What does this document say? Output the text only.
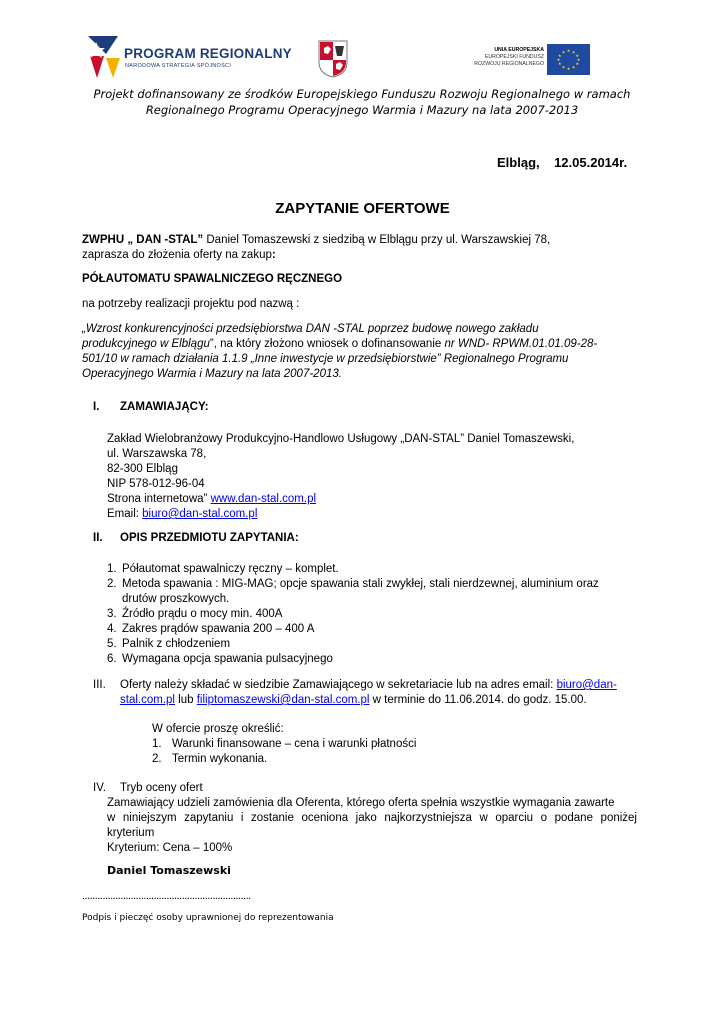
PROGRAM REGIONALNY
NARODOWA STRATEGIA SPÓJNOŚCI
UNIA EUROPEJSKA
EUROPEJSKI FUNDUSZ
ROZWOJU REGIONALNEGO
★ ★
★
★
★
★
★
★
★
★
★
★
Projekt dofinansowany ze środków Europejskiego Funduszu Rozwoju Regionalnego w ramach
Regionalnego Programu Operacyjnego Warmia i Mazury na lata 2007-2013
Elbląg,    12.05.2014r.
ZAPYTANIE OFERTOWE
ZWPHU „ DAN -STAL” Daniel Tomaszewski z siedzibą w Elblągu przy ul. Warszawskiej 78,
zaprasza do złożenia oferty na zakup:
PÓŁAUTOMATU SPAWALNICZEGO RĘCZNEGO
na potrzeby realizacji projektu pod nazwą :
„Wzrost konkurencyjności przedsiębiorstwa DAN -STAL poprzez budowę nowego zakładu
produkcyjnego w Elblągu”, na który złożono wniosek o dofinansowanie nr WND- RPWM.01.01.09-28-
501/10 w ramach działania 1.1.9 „Inne inwestycje w przedsiębiorstwie” Regionalnego Programu
Operacyjnego Warmia i Mazury na lata 2007-2013.
I. ZAMAWIAJĄCY:
Zakład Wielobranżowy Produkcyjno-Handlowo Usługowy „DAN-STAL” Daniel Tomaszewski,
ul. Warszawska 78,
82-300 Elbląg
NIP 578-012-96-04
Strona internetowa” www.dan-stal.com.pl
Email: biuro@dan-stal.com.pl
II. OPIS PRZEDMIOTU ZAPYTANIA:
1. Półautomat spawalniczy ręczny – komplet.
2. Metoda spawania : MIG-MAG; opcje spawania stali zwykłej, stali nierdzewnej, aluminium oraz
drutów proszkowych.
3. Źródło prądu o mocy min. 400A
4. Zakres prądów spawania 200 – 400 A
5. Palnik z chłodzeniem
6. Wymagana opcja spawania pulsacyjnego
III. Oferty należy składać w siedzibie Zamawiającego w sekretariacie lub na adres email: biuro@dan-
stal.com.pl lub filiptomaszewski@dan-stal.com.pl w terminie do 11.06.2014. do godz. 15.00.
W ofercie proszę określić:
1. Warunki finansowane – cena i warunki płatności
2. Termin wykonania.
IV. Tryb oceny ofert
Zamawiający udzieli zamówienia dla Oferenta, którego oferta spełnia wszystkie wymagania zawarte
w niniejszym zapytaniu i zostanie oceniona jako najkorzystniejsza w oparciu o podane poniżej
kryterium
Kryterium: Cena – 100%
Daniel Tomaszewski
..................................................................
Podpis i pieczęć osoby uprawnionej do reprezentowania
